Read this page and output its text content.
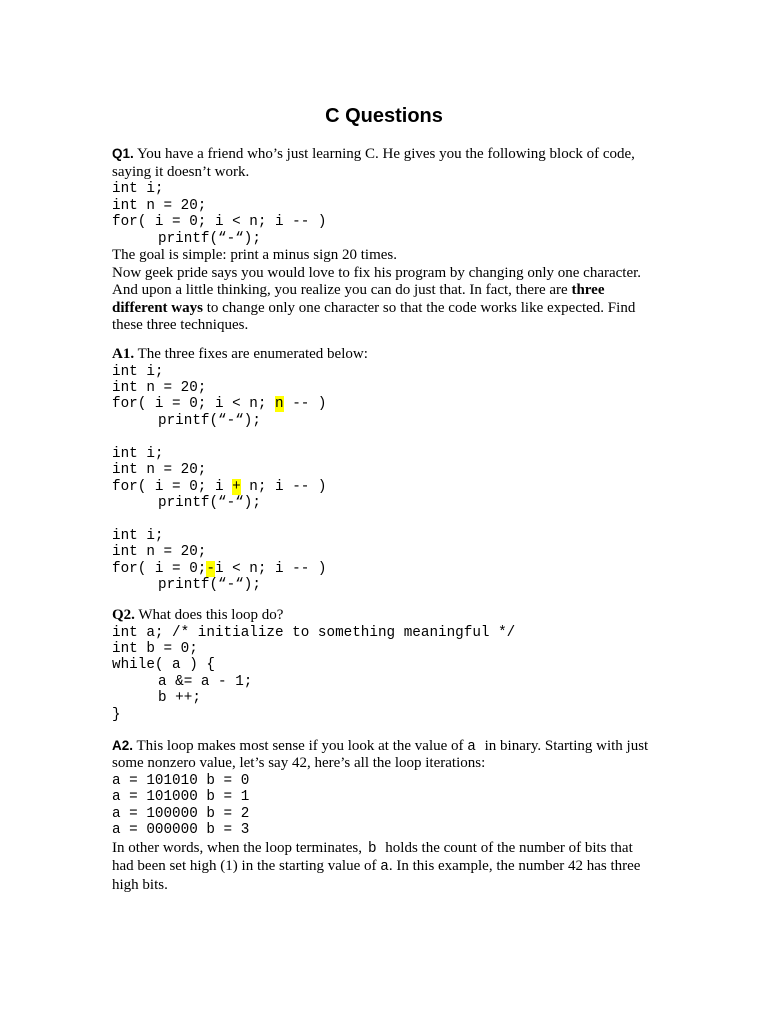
C Questions
Q1. You have a friend who’s just learning C. He gives you the following block of code,
saying it doesn’t work.
int i;
int n = 20;
for( i = 0; i < n; i -- )
printf(“-“);
The goal is simple: print a minus sign 20 times.
Now geek pride says you would love to fix his program by changing only one character.
And upon a little thinking, you realize you can do just that. In fact, there are three
different ways to change only one character so that the code works like expected. Find
these three techniques.
A1. The three fixes are enumerated below:
int i;
int n = 20;
for( i = 0; i < n; n -- )
printf(“-“);
int i;
int n = 20;
for( i = 0; i + n; i -- )
printf(“-“);
int i;
int n = 20;
for( i = 0;-i < n; i -- )
printf(“-“);
Q2. What does this loop do?
int a; /* initialize to something meaningful */
int b = 0;
while( a ) {
a &= a - 1;
b ++;
}
A2. This loop makes most sense if you look at the value of a in binary. Starting with just
some nonzero value, let’s say 42, here’s all the loop iterations:
a = 101010 b = 0
a = 101000 b = 1
a = 100000 b = 2
a = 000000 b = 3
In other words, when the loop terminates, b holds the count of the number of bits that
had been set high (1) in the starting value of a. In this example, the number 42 has three
high bits.
